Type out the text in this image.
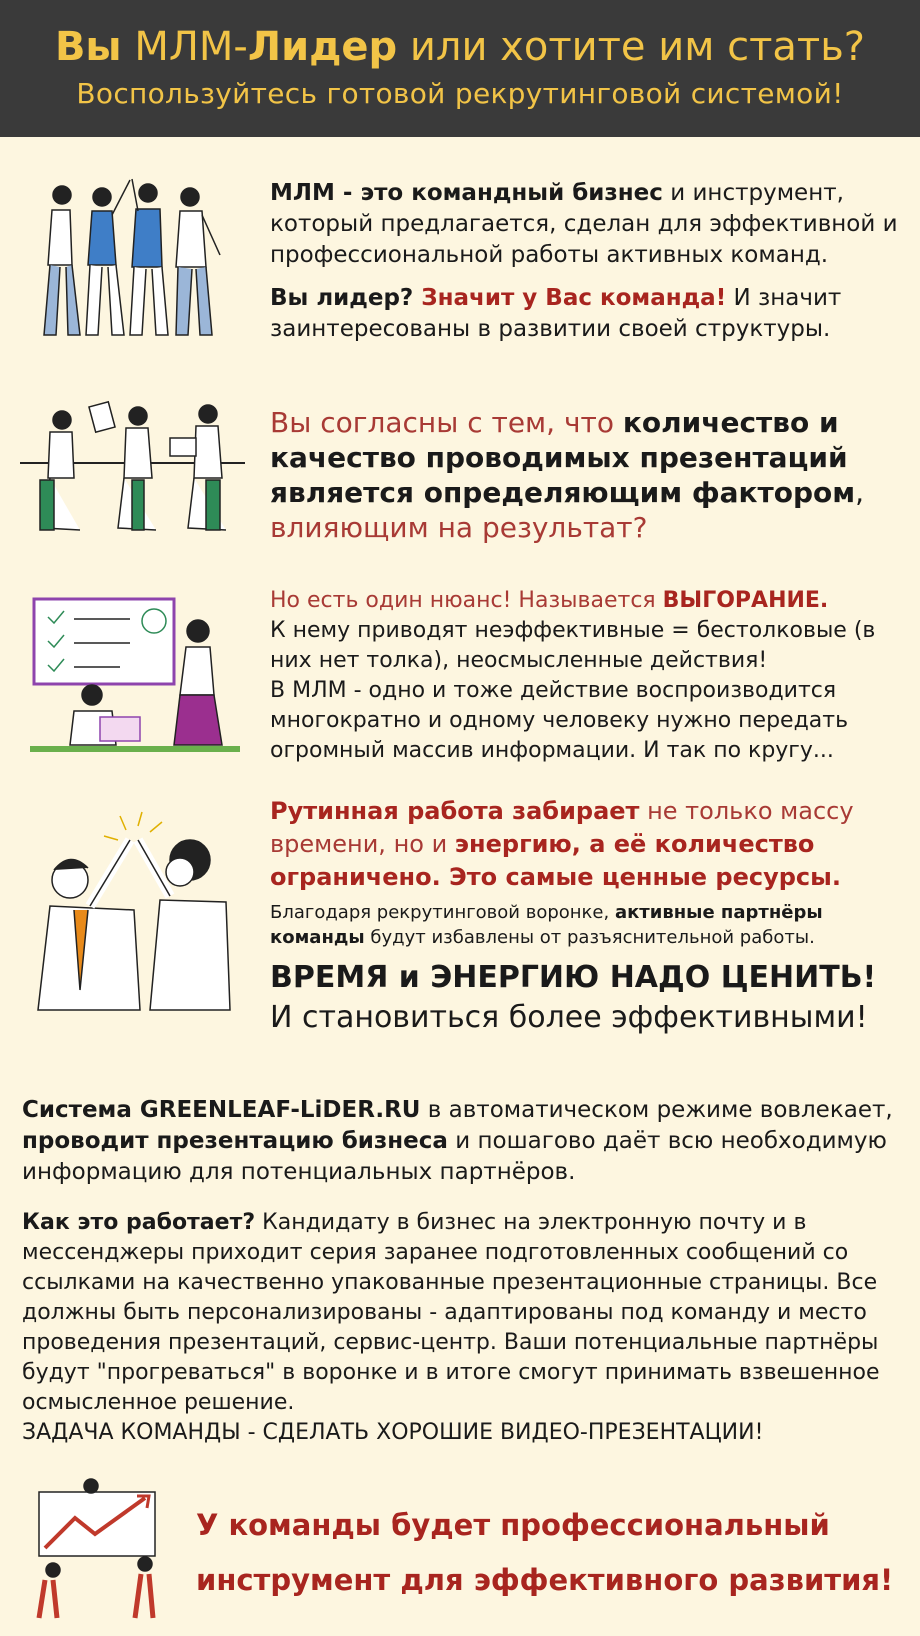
Вы МЛМ-Лидер или хотите им стать?
Воспользуйтесь готовой рекрутинговой системой!

МЛМ - это командный бизнес и инструмент, который предлагается, сделан для эффективной и профессиональной работы активных команд.

Вы лидер? Значит у Вас команда! И значит заинтересованы в развитии своей структуры.

Вы согласны с тем, что количество и качество проводимых презентаций является определяющим фактором,
влияющим на результат?
Но есть один нюанс! Называется ВЫГОРАНИЕ.
К нему приводят неэффективные = бестолковые (в них нет толка), неосмысленные действия!
В МЛМ - одно и тоже действие воспроизводится многократно и одному человеку нужно передать огромный массив информации. И так по кругу...

Рутинная работа забирает не только массу времени, но и энергию, а её количество ограничено. Это самые ценные ресурсы.

Благодаря рекрутинговой воронке, активные партнёры команды будут избавлены от разъяснительной работы.

ВРЕМЯ и ЭНЕРГИЮ НАДО ЦЕНИТЬ!

И становиться более эффективными!

Система GREENLEAF-LiDER.RU в автоматическом режиме вовлекает, проводит презентацию бизнеса и пошагово даёт всю необходимую информацию для потенциальных партнёров.
Как это работает? Кандидату в бизнес на электронную почту и в мессенджеры приходит серия заранее подготовленных сообщений со ссылками на качественно упакованные презентационные страницы. Все должны быть персонализированы - адаптированы под команду и место проведения презентаций, сервис-центр. Ваши потенциальные партнёры будут "прогреваться" в воронке и в итоге смогут принимать взвешенное осмысленное решение.
ЗАДАЧА КОМАНДЫ - СДЕЛАТЬ ХОРОШИЕ ВИДЕО-ПРЕЗЕНТАЦИИ!
У команды будет профессиональный
инструмент для эффективного развития!
